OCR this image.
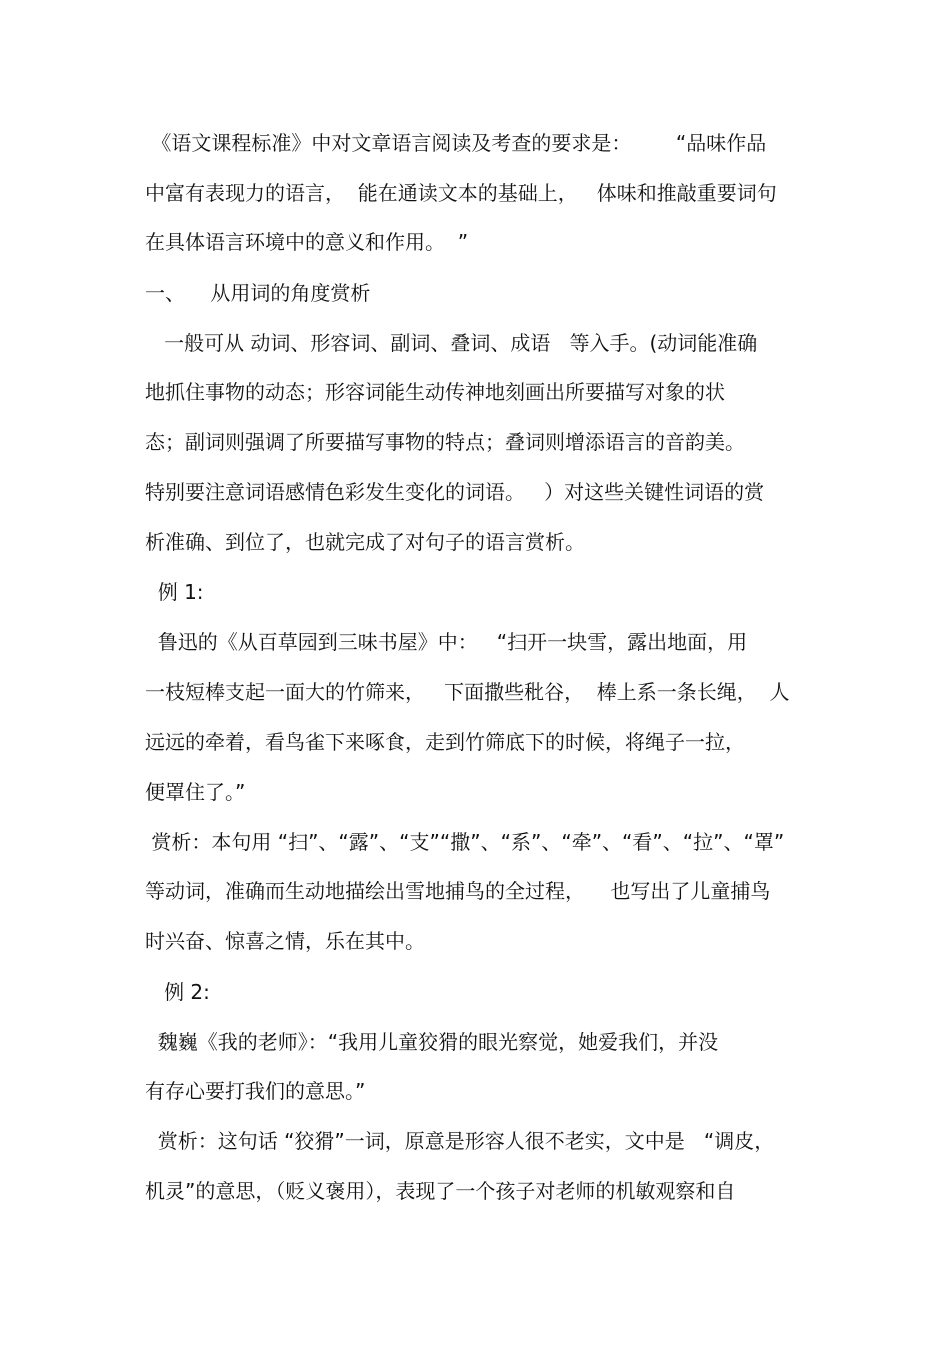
《语文课程标准》中对文章语言阅读及考查的要求是：       “品味作品
中富有表现力的语言，  能在通读文本的基础上，   体味和推敲重要词句
在具体语言环境中的意义和作用。  ”
一、    从用词的角度赏析
一般可从 动词、形容词、副词、叠词、成语   等入手。(动词能准确
地抓住事物的动态；形容词能生动传神地刻画出所要描写对象的状
态；副词则强调了所要描写事物的特点；叠词则增添语言的音韵美。
特别要注意词语感情色彩发生变化的词语。   ）对这些关键性词语的赏
析准确、到位了，也就完成了对句子的语言赏析。
例 1:
鲁迅的《从百草园到三味书屋》中：   “扫开一块雪，露出地面，用
一枝短棒支起一面大的竹筛来，   下面撒些秕谷，  棒上系一条长绳，  人
远远的牵着，看鸟雀下来啄食，走到竹筛底下的时候，将绳子一拉，
便罩住了。”
赏析：本句用 “扫”、“露”、“支”“撒”、“系”、“牵”、“看”、“拉”、“罩”
等动词，准确而生动地描绘出雪地捕鸟的全过程，    也写出了儿童捕鸟
时兴奋、惊喜之情，乐在其中。
例 2:
魏巍《我的老师》：“我用儿童狡猾的眼光察觉，她爱我们，并没
有存心要打我们的意思。”
赏析：这句话 “狡猾”一词，原意是形容人很不老实，文中是   “调皮，
机灵”的意思，（贬义褒用），表现了一个孩子对老师的机敏观察和自
